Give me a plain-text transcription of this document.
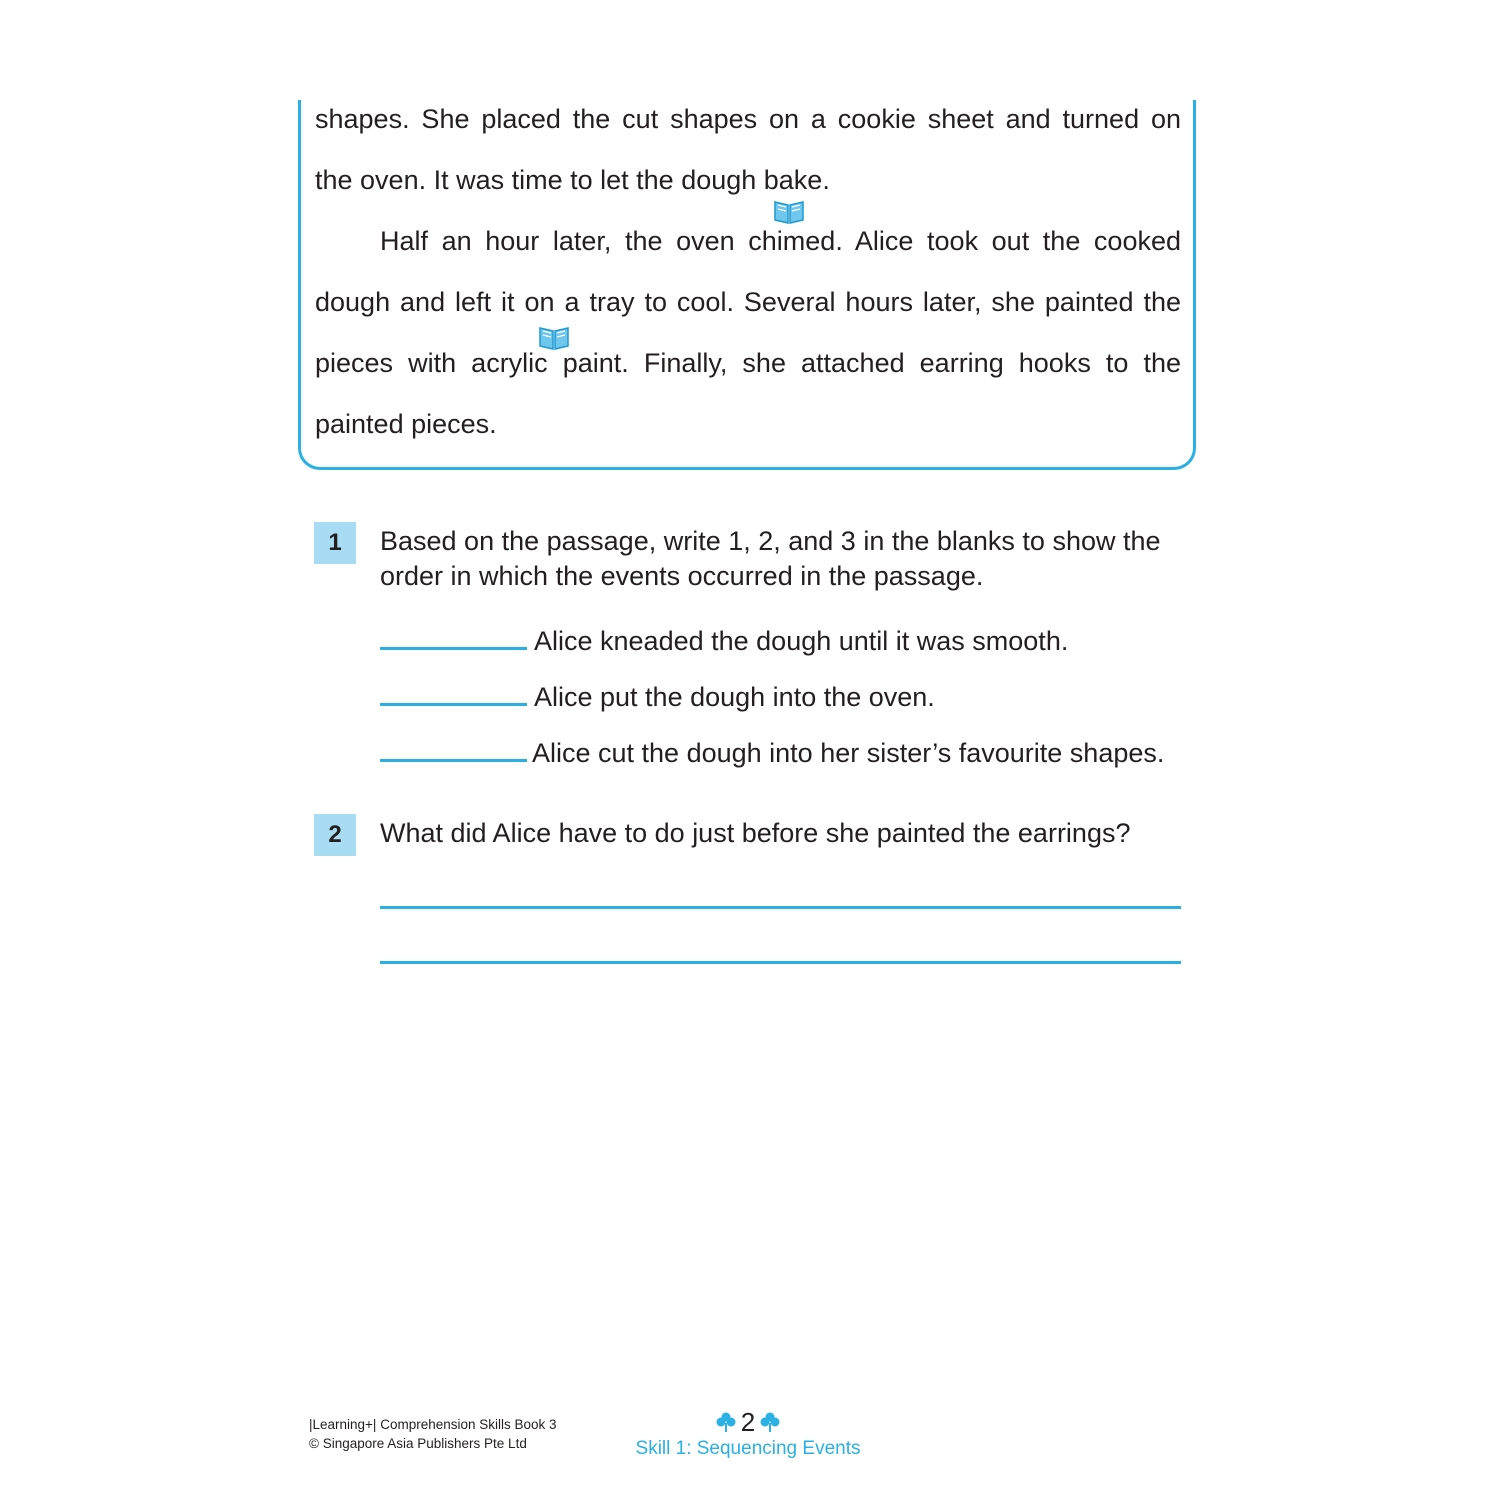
shapes. She placed the cut shapes on a cookie sheet and turned on
the oven. It was time to let the dough bake.
Half an hour later, the oven chimed. Alice took out the cooked
dough and left it on a tray to cool. Several hours later, she painted the
pieces with acrylic paint. Finally, she attached earring hooks to the
painted pieces.
1	Based on the passage, write 1, 2, and 3 in the blanks to show the order in which the events occurred in the passage.
Alice kneaded the dough until it was smooth.
Alice put the dough into the oven.
Alice cut the dough into her sister’s favourite shapes.
2	What did Alice have to do just before she painted the earrings?
|Learning+| Comprehension Skills Book 3
© Singapore Asia Publishers Pte Ltd
2
Skill 1: Sequencing Events
